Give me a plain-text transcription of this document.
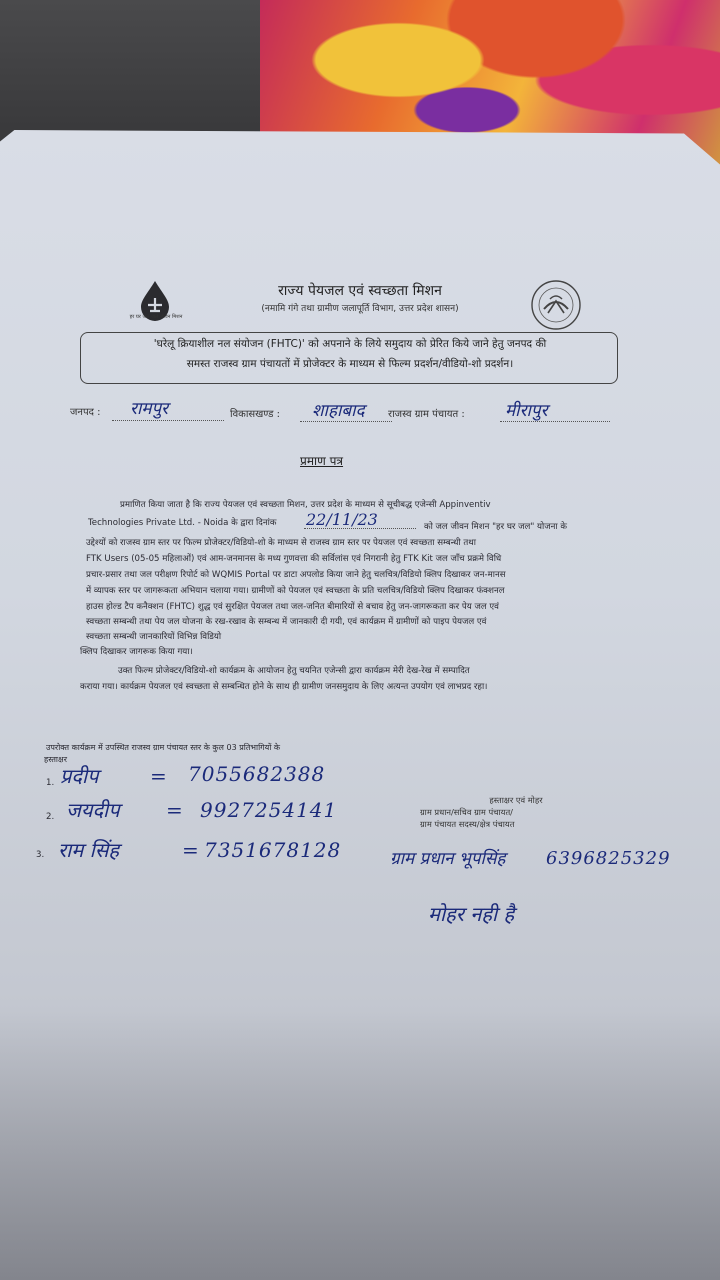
हर घर जल जल जीवन मिशन
राज्य पेयजल एवं स्वच्छता मिशन
(नमामि गंगे तथा ग्रामीण जलापूर्ति विभाग, उत्तर प्रदेश शासन)
'घरेलू क्रियाशील नल संयोजन (FHTC)' को अपनाने के लिये समुदाय को प्रेरित किये जाने हेतु जनपद की
समस्त राजस्व ग्राम पंचायतों में प्रोजेक्टर के माध्यम से फिल्म प्रदर्शन/वीडियो-शो प्रदर्शन।
जनपद : रामपुर	विकासखण्ड : शाहाबाद राजस्व ग्राम पंचायत : मीरापुर
प्रमाण पत्र
प्रमाणित किया जाता है कि राज्य पेयजल एवं स्वच्छता मिशन, उत्तर प्रदेश के माध्यम से सूचीबद्ध एजेन्सी Appinventiv
Technologies Private Ltd. - Noida के द्वारा दिनांक 22/11/23	को जल जीवन मिशन "हर घर जल" योजना के
उद्देश्यों को राजस्व ग्राम स्तर पर फिल्म प्रोजेक्टर/विडियो-शो के माध्यम से राजस्व ग्राम स्तर पर पेयजल एवं स्वच्छता सम्बन्धी तथा
FTK Users (05-05 महिलाओं) एवं आम-जनमानस के मध्य गुणवत्ता की सर्विलांस एवं निगरानी हेतु FTK Kit जल जाँच प्रक्रमे विधि
प्रचार-प्रसार तथा जल परीक्षण रिपोर्ट को WQMIS Portal पर डाटा अपलोड किया जाने हेतु चलचित्र/विडियो क्लिप दिखाकर जन-मानस
में व्यापक स्तर पर जागरूकता अभियान चलाया गया। ग्रामीणों को पेयजल एवं स्वच्छता के प्रति चलचित्र/विडियो क्लिप दिखाकर फंक्शनल
हाउस होल्ड टैप कनैक्शन (FHTC) शुद्ध एवं सुरक्षित पेयजल तथा जल-जनित बीमारियों से बचाव हेतु जन-जागरूकता कर पेय जल एवं
स्वच्छता सम्बन्धी तथा पेय जल योजना के रख-रखाव के सम्बन्ध में जानकारी दी गयी, एवं कार्यक्रम में ग्रामीणों को पाइप पेयजल एवं
स्वच्छता सम्बन्धी जानकारियों विभिन्न विडियो
क्लिप दिखाकर जागरूक किया गया।
उक्त फिल्म प्रोजेक्टर/विडियो-शो कार्यक्रम के आयोजन हेतु चयनित एजेन्सी द्वारा कार्यक्रम मेरी देख-रेख में सम्पादित
कराया गया। कार्यक्रम पेयजल एवं स्वच्छता से सम्बन्धित होने के साथ ही ग्रामीण जनसमुदाय के लिए अत्यन्त उपयोग एवं लाभप्रद रहा।
उपरोक्त कार्यक्रम में उपस्थित राजस्व ग्राम पंचायत स्तर के कुल 03 प्रतिभागियों के
हस्ताक्षर
1. प्रदीप	= 7055682388
2. जयदीप = 9927254141
3. राम सिंह	= 7351678128
हस्ताक्षर एवं मोहर
ग्राम प्रधान/सचिव ग्राम पंचायत/
ग्राम पंचायत सदस्य/क्षेत्र पंचायत
ग्राम प्रधान भूपसिंह 6396825329
मोहर नही है
